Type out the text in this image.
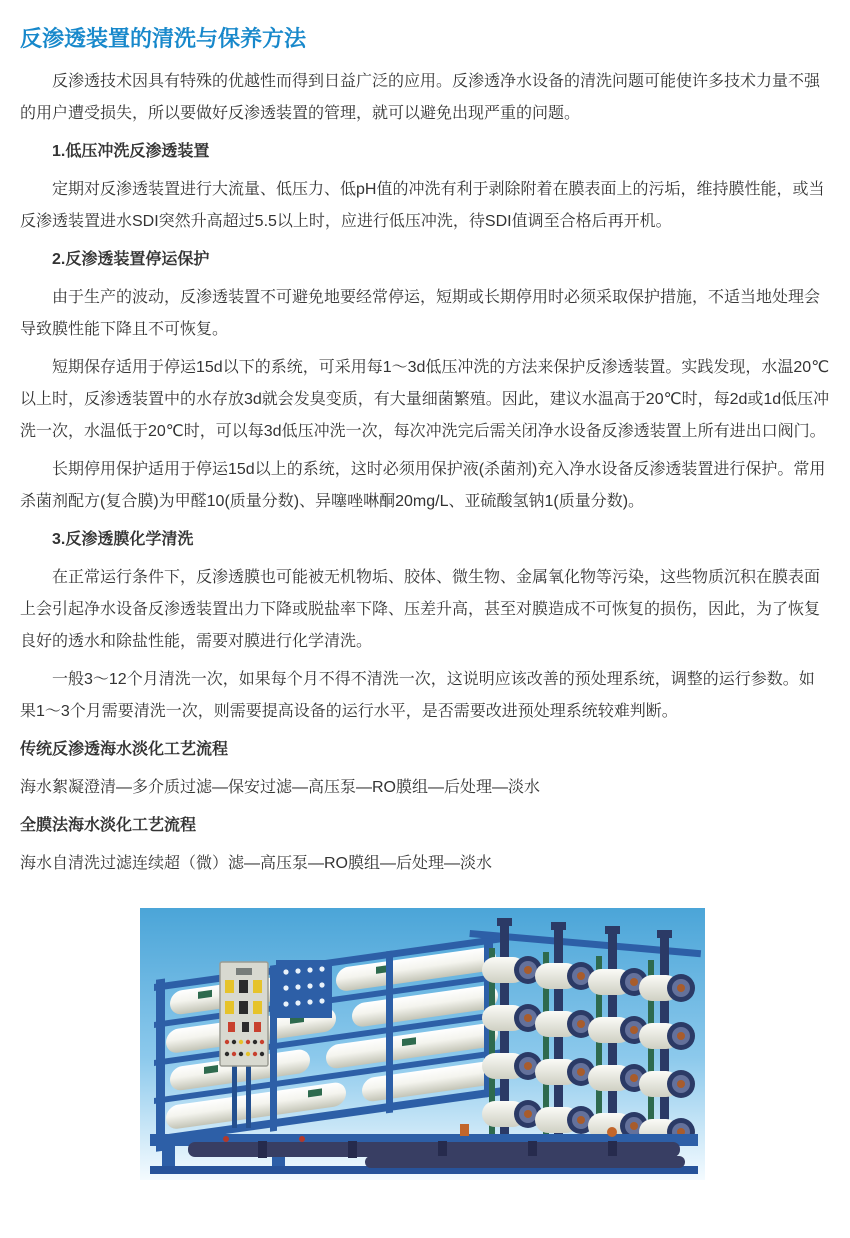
反渗透装置的清洗与保养方法

反渗透技术因具有特殊的优越性而得到日益广泛的应用。反渗透净水设备的清洗问题可能使许多技术力量不强的用户遭受损失，所以要做好反渗透装置的管理，就可以避免出现严重的问题。

1.低压冲洗反渗透装置

定期对反渗透装置进行大流量、低压力、低pH值的冲洗有利于剥除附着在膜表面上的污垢，维持膜性能，或当反渗透装置进水SDI突然升高超过5.5以上时，应进行低压冲洗，待SDI值调至合格后再开机。

2.反渗透装置停运保护

由于生产的波动，反渗透装置不可避免地要经常停运，短期或长期停用时必须采取保护措施，不适当地处理会导致膜性能下降且不可恢复。

短期保存适用于停运15d以下的系统，可采用每1～3d低压冲洗的方法来保护反渗透装置。实践发现，水温20℃以上时，反渗透装置中的水存放3d就会发臭变质，有大量细菌繁殖。因此，建议水温高于20℃时，每2d或1d低压冲洗一次，水温低于20℃时，可以每3d低压冲洗一次，每次冲洗完后需关闭净水设备反渗透装置上所有进出口阀门。

长期停用保护适用于停运15d以上的系统，这时必须用保护液(杀菌剂)充入净水设备反渗透装置进行保护。常用杀菌剂配方(复合膜)为甲醛10(质量分数)、异噻唑啉酮20mg/L、亚硫酸氢钠1(质量分数)。

3.反渗透膜化学清洗

在正常运行条件下，反渗透膜也可能被无机物垢、胶体、微生物、金属氧化物等污染，这些物质沉积在膜表面上会引起净水设备反渗透装置出力下降或脱盐率下降、压差升高，甚至对膜造成不可恢复的损伤，因此，为了恢复良好的透水和除盐性能，需要对膜进行化学清洗。

一般3～12个月清洗一次，如果每个月不得不清洗一次，这说明应该改善的预处理系统，调整的运行参数。如果1～3个月需要清洗一次，则需要提高设备的运行水平，是否需要改进预处理系统较难判断。

传统反渗透海水淡化工艺流程

海水絮凝澄清—多介质过滤—保安过滤—高压泵—RO膜组—后处理—淡水

全膜法海水淡化工艺流程

海水自清洗过滤连续超（微）滤—高压泵—RO膜组—后处理—淡水
